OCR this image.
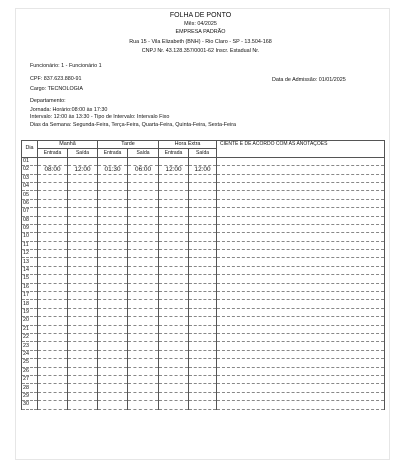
FOLHA DE PONTO
Mês: 04/2025
EMPRESA PADRÃO
Rua 15 - Vila Elizabeth (BNH) - Rio Claro - SP - 13.504-168
CNPJ Nr. 43.128.357/0001-62 Inscr. Estadual Nr.
Funcionário: 1 - Funcionário 1
CPF: 837.623.880-91	Data de Admissão: 01/01/2025
Cargo: TECNOLOGIA
Departamento:
Jornada: Horário:08:00 às 17:30
Intervalo: 12:00 às 13:30 - Tipo de Intervalo: Intervalo Fixo
Dias da Semana: Segunda-Feira, Terça-Feira, Quarta-Feira, Quinta-Feira, Sexta-Feira
Dia	Manhã		Tarde		Hora Extra		CIENTE E DE ACORDO COM AS ANOTAÇÕES
	Entrada	Saída	Entrada	Saída	Entrada	Saída	
01							
02	08:00	12:00	01:30	06:00	12:00	12:00	
03							
04							
05							
06							
07							
08							
09							
10							
11							
12							
13							
14							
15							
16							
17							
18							
19							
20							
21							
22							
23							
24							
25							
26							
27							
28							
29							
30							
